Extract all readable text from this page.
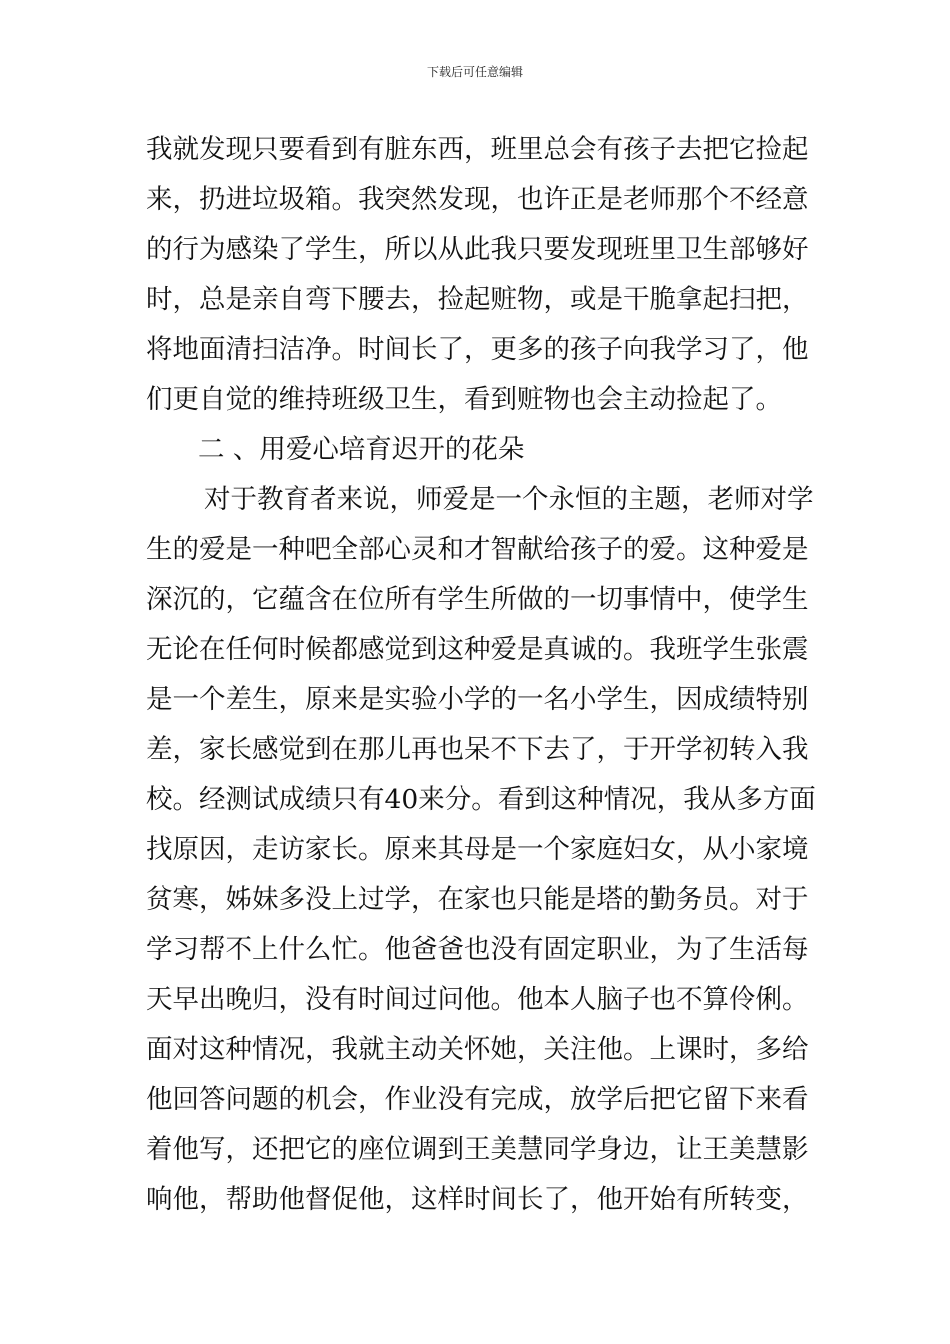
下载后可任意编辑
我就发现只要看到有脏东西，班里总会有孩子去把它捡起
来，扔进垃圾箱。我突然发现，也许正是老师那个不经意
的行为感染了学生，所以从此我只要发现班里卫生部够好
时，总是亲自弯下腰去，捡起赃物，或是干脆拿起扫把，
将地面清扫洁净。时间长了，更多的孩子向我学习了，他
们更自觉的维持班级卫生，看到赃物也会主动捡起了。
二 、用爱心培育迟开的花朵
对于教育者来说，师爱是一个永恒的主题，老师对学
生的爱是一种吧全部心灵和才智献给孩子的爱。这种爱是
深沉的，它蕴含在位所有学生所做的一切事情中，使学生
无论在任何时候都感觉到这种爱是真诚的。我班学生张震
是一个差生，原来是实验小学的一名小学生，因成绩特别
差，家长感觉到在那儿再也呆不下去了，于开学初转入我
校。经测试成绩只有40来分。看到这种情况，我从多方面
找原因，走访家长。原来其母是一个家庭妇女，从小家境
贫寒，姊妹多没上过学，在家也只能是塔的勤务员。对于
学习帮不上什么忙。他爸爸也没有固定职业，为了生活每
天早出晚归，没有时间过问他。他本人脑子也不算伶俐。
面对这种情况，我就主动关怀她，关注他。上课时，多给
他回答问题的机会，作业没有完成，放学后把它留下来看
着他写，还把它的座位调到王美慧同学身边，让王美慧影
响他，帮助他督促他，这样时间长了，他开始有所转变，
